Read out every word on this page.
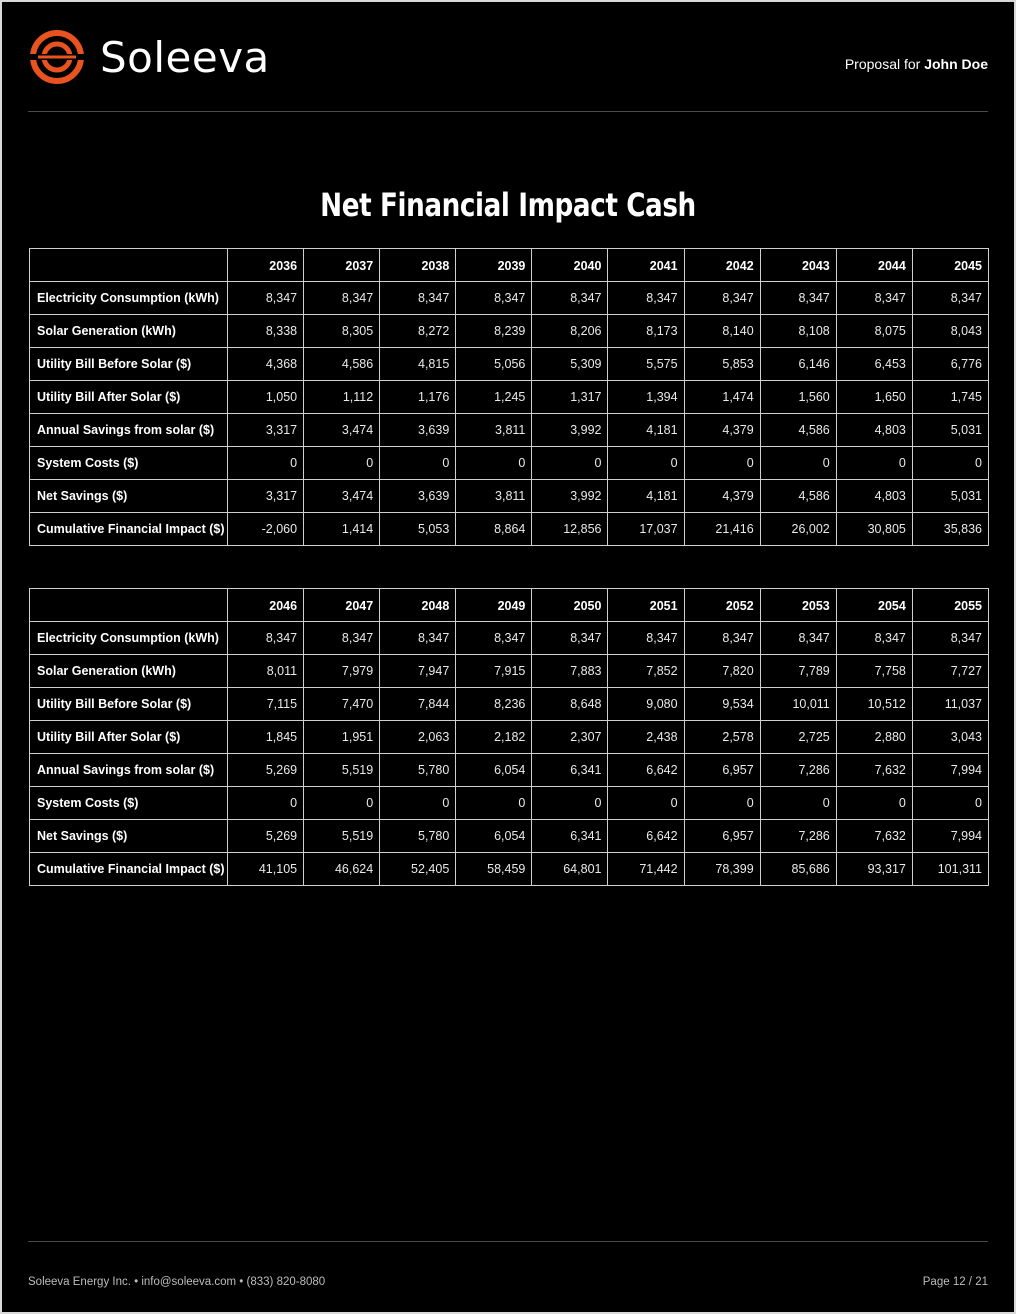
Soleeva	Proposal for John Doe
Net Financial Impact Cash
	2036	2037	2038	2039	2040	2041	2042	2043	2044	2045
Electricity Consumption (kWh)	8,347	8,347	8,347	8,347	8,347	8,347	8,347	8,347	8,347	8,347
Solar Generation (kWh)	8,338	8,305	8,272	8,239	8,206	8,173	8,140	8,108	8,075	8,043
Utility Bill Before Solar ($)	4,368	4,586	4,815	5,056	5,309	5,575	5,853	6,146	6,453	6,776
Utility Bill After Solar ($)	1,050	1,112	1,176	1,245	1,317	1,394	1,474	1,560	1,650	1,745
Annual Savings from solar ($)	3,317	3,474	3,639	3,811	3,992	4,181	4,379	4,586	4,803	5,031
System Costs ($)	0	0	0	0	0	0	0	0	0	0
Net Savings ($)	3,317	3,474	3,639	3,811	3,992	4,181	4,379	4,586	4,803	5,031
Cumulative Financial Impact ($)	-2,060	1,414	5,053	8,864	12,856	17,037	21,416	26,002	30,805	35,836
	2046	2047	2048	2049	2050	2051	2052	2053	2054	2055
Electricity Consumption (kWh)	8,347	8,347	8,347	8,347	8,347	8,347	8,347	8,347	8,347	8,347
Solar Generation (kWh)	8,011	7,979	7,947	7,915	7,883	7,852	7,820	7,789	7,758	7,727
Utility Bill Before Solar ($)	7,115	7,470	7,844	8,236	8,648	9,080	9,534	10,011	10,512	11,037
Utility Bill After Solar ($)	1,845	1,951	2,063	2,182	2,307	2,438	2,578	2,725	2,880	3,043
Annual Savings from solar ($)	5,269	5,519	5,780	6,054	6,341	6,642	6,957	7,286	7,632	7,994
System Costs ($)	0	0	0	0	0	0	0	0	0	0
Net Savings ($)	5,269	5,519	5,780	6,054	6,341	6,642	6,957	7,286	7,632	7,994
Cumulative Financial Impact ($)	41,105	46,624	52,405	58,459	64,801	71,442	78,399	85,686	93,317	101,311
Soleeva Energy Inc. • info@soleeva.com • (833) 820-8080	Page 12 / 21
